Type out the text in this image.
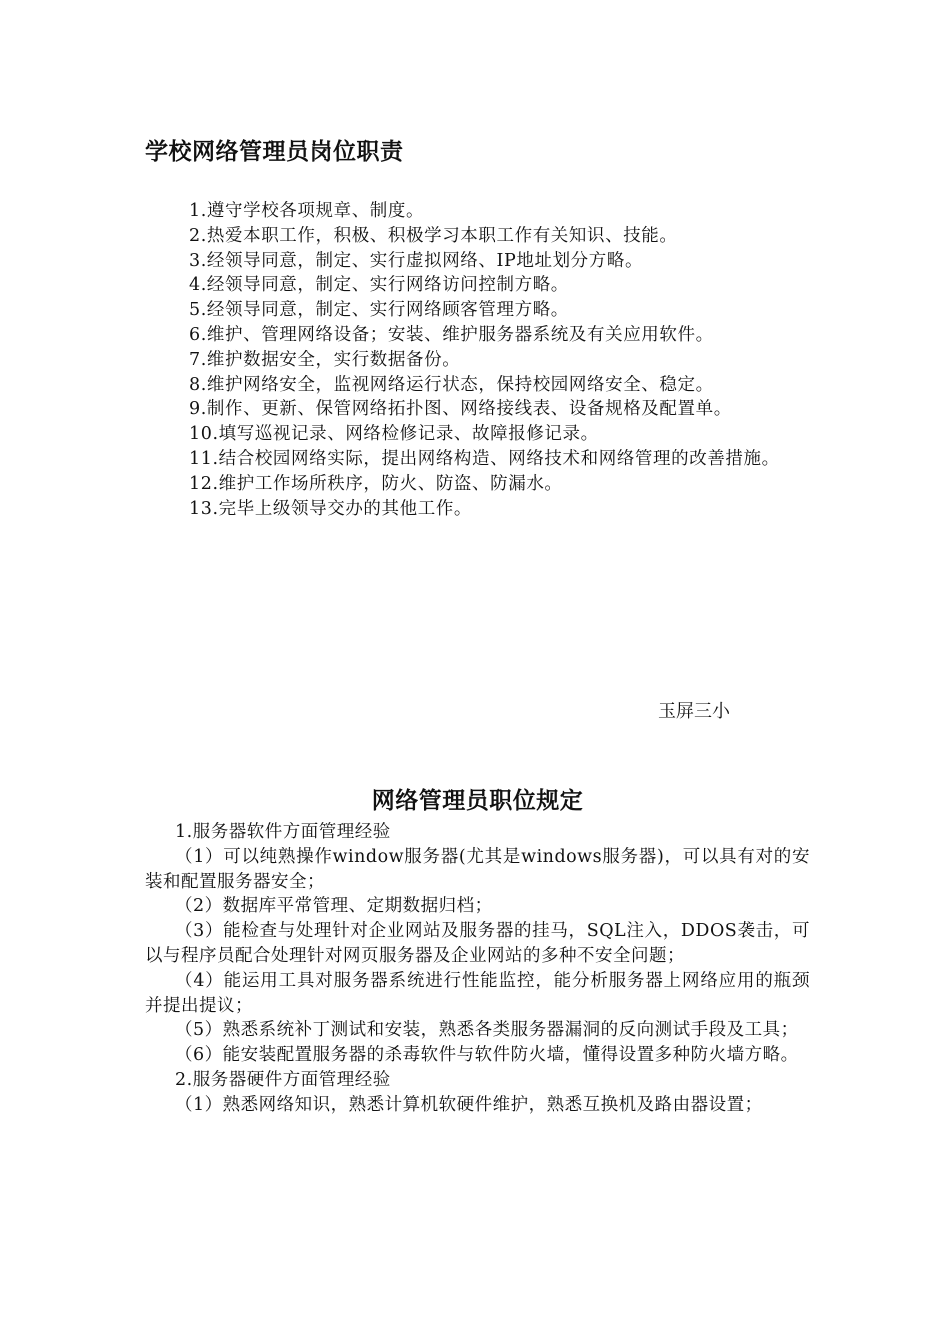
学校网络管理员岗位职责

1.遵守学校各项规章、制度。

2.热爱本职工作，积极、积极学习本职工作有关知识、技能。

3.经领导同意，制定、实行虚拟网络、IP地址划分方略。

4.经领导同意，制定、实行网络访问控制方略。

5.经领导同意，制定、实行网络顾客管理方略。

6.维护、管理网络设备；安装、维护服务器系统及有关应用软件。

7.维护数据安全，实行数据备份。

8.维护网络安全，监视网络运行状态，保持校园网络安全、稳定。

9.制作、更新、保管网络拓扑图、网络接线表、设备规格及配置单。

10.填写巡视记录、网络检修记录、故障报修记录。

11.结合校园网络实际，提出网络构造、网络技术和网络管理的改善措施。

12.维护工作场所秩序，防火、防盗、防漏水。

13.完毕上级领导交办的其他工作。

玉屏三小
网络管理员职位规定

1.服务器软件方面管理经验

（1）可以纯熟操作window服务器(尤其是windows服务器)，可以具有对的安装和配置服务器安全；

（2）数据库平常管理、定期数据归档；

（3）能检查与处理针对企业网站及服务器的挂马，SQL注入，DDOS袭击，可以与程序员配合处理针对网页服务器及企业网站的多种不安全问题；

（4）能运用工具对服务器系统进行性能监控，能分析服务器上网络应用的瓶颈并提出提议；

（5）熟悉系统补丁测试和安装，熟悉各类服务器漏洞的反向测试手段及工具；

（6）能安装配置服务器的杀毒软件与软件防火墙，懂得设置多种防火墙方略。

2.服务器硬件方面管理经验

（1）熟悉网络知识，熟悉计算机软硬件维护，熟悉互换机及路由器设置；
